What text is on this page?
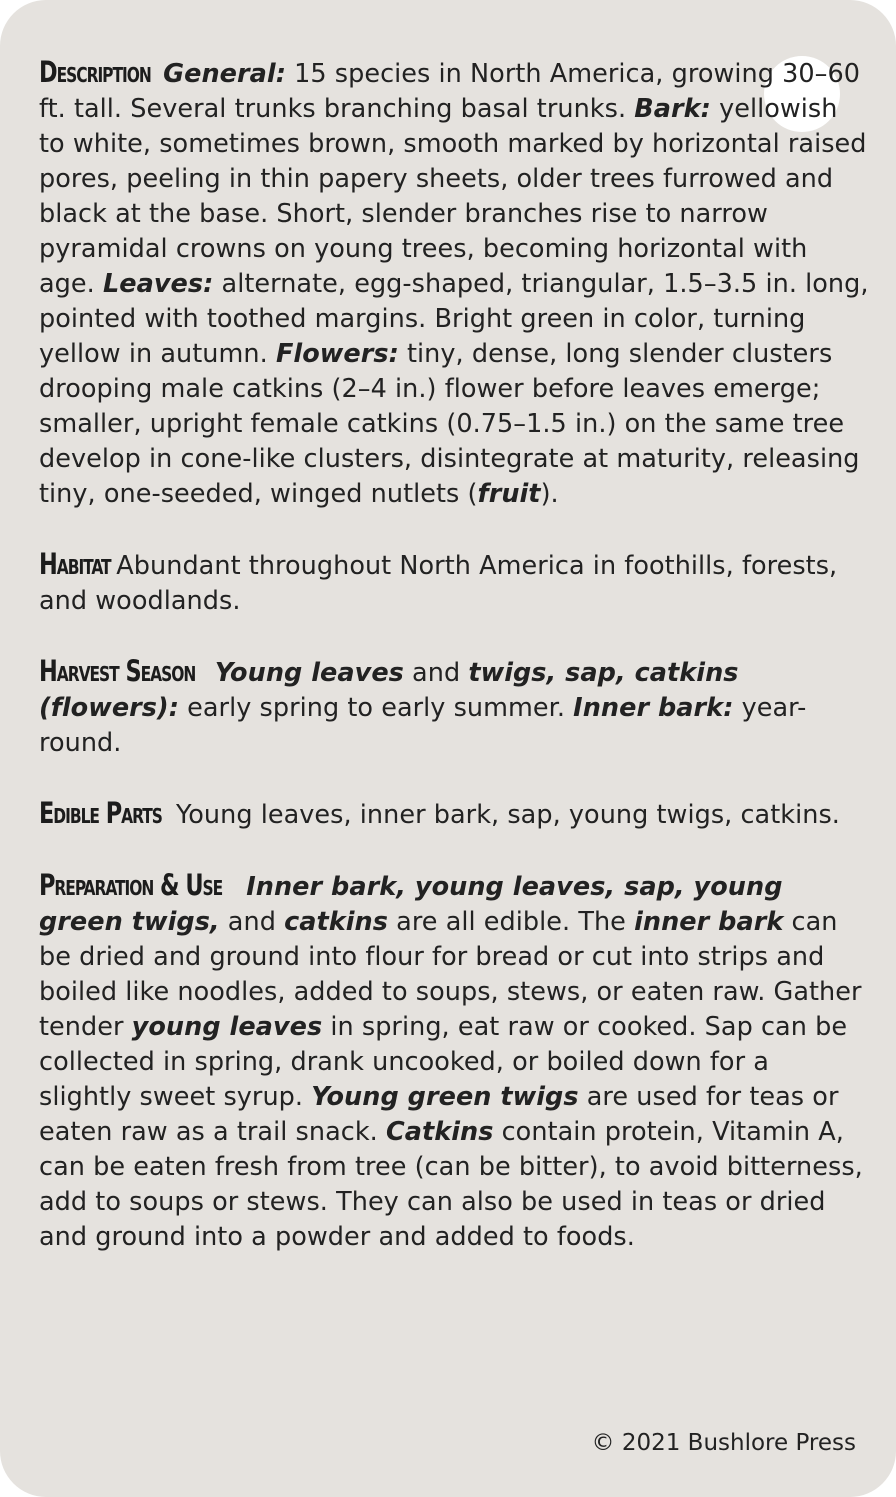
Description General: 15 species in North America, growing 30–60 ft. tall. Several trunks branching basal trunks. Bark: yellowish to white, sometimes brown, smooth marked by horizontal raised pores, peeling in thin papery sheets, older trees furrowed and black at the base. Short, slender branches rise to narrow pyramidal crowns on young trees, becoming horizontal with age. Leaves: alternate, egg-shaped, triangular, 1.5–3.5 in. long, pointed with toothed margins. Bright green in color, turning yellow in autumn. Flowers: tiny, dense, long slender clusters drooping male catkins (2–4 in.) flower before leaves emerge; smaller, upright female catkins (0.75–1.5 in.) on the same tree develop in cone-like clusters, disintegrate at maturity, releasing tiny, one-seeded, winged nutlets (fruit).

Habitat Abundant throughout North America in foothills, forests, and woodlands.

Harvest Season Young leaves and twigs, sap, catkins (flowers): early spring to early summer. Inner bark: year-round.

Edible Parts Young leaves, inner bark, sap, young twigs, catkins.

Preparation & Use Inner bark, young leaves, sap, young green twigs, and catkins are all edible. The inner bark can be dried and ground into flour for bread or cut into strips and boiled like noodles, added to soups, stews, or eaten raw. Gather tender young leaves in spring, eat raw or cooked. Sap can be collected in spring, drank uncooked, or boiled down for a slightly sweet syrup. Young green twigs are used for teas or eaten raw as a trail snack. Catkins contain protein, Vitamin A, can be eaten fresh from tree (can be bitter), to avoid bitterness, add to soups or stews. They can also be used in teas or dried and ground into a powder and added to foods.

© 2021 Bushlore Press
